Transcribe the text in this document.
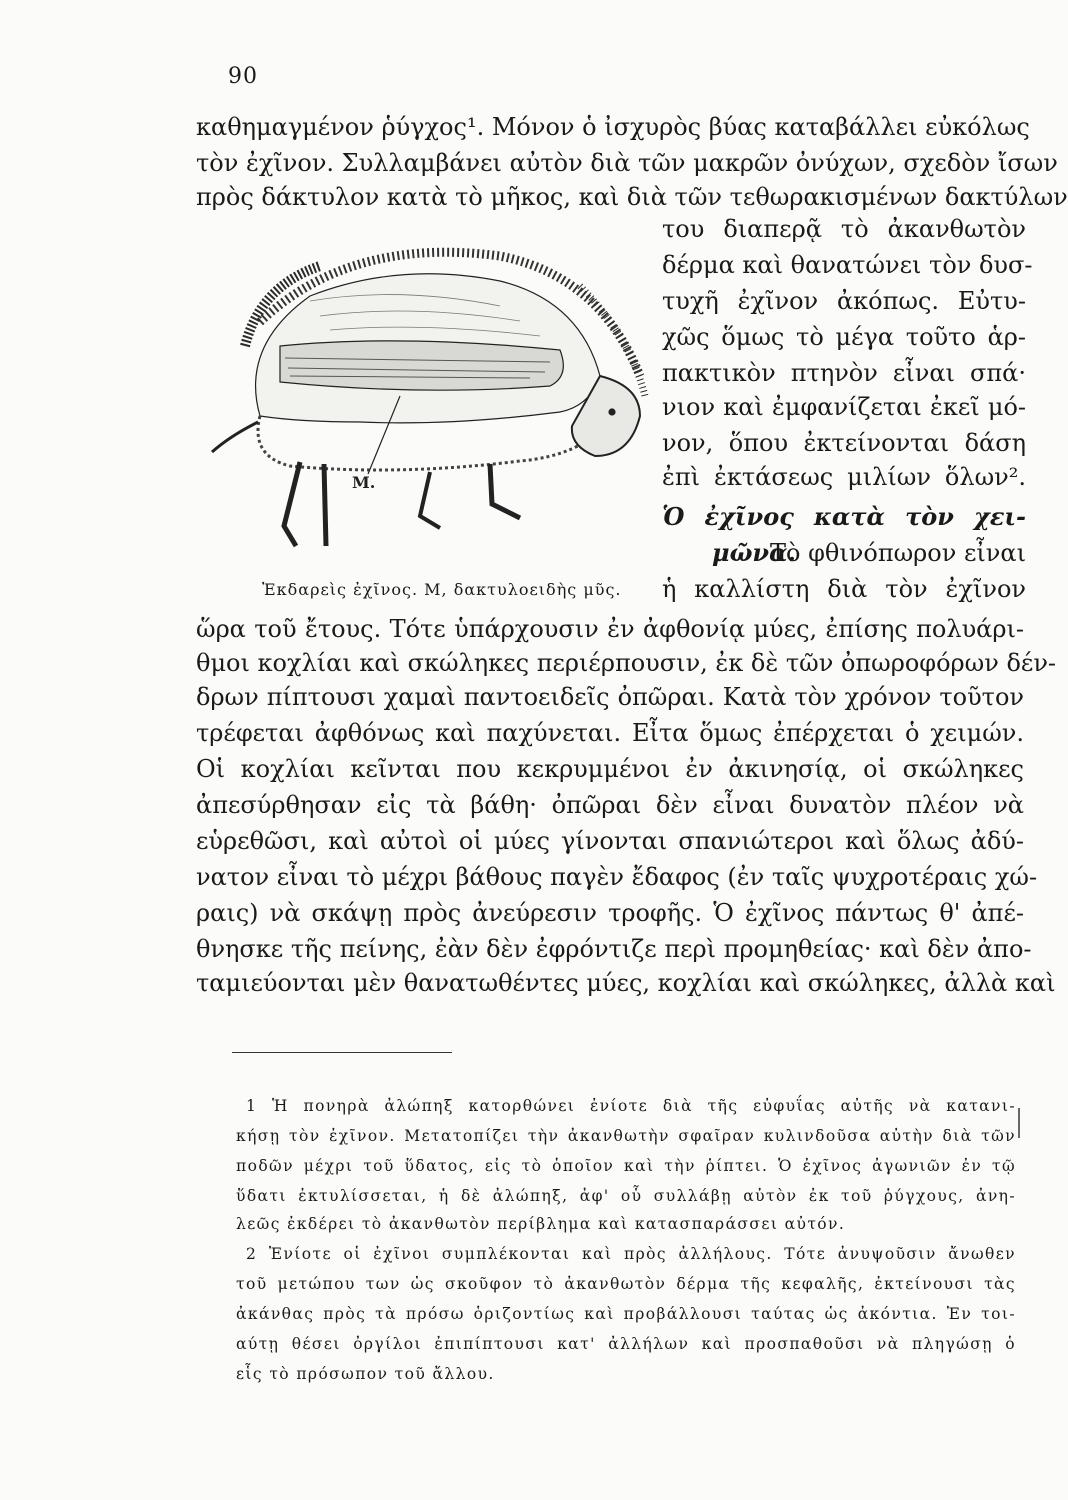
90
καθημαγμένον ῥύγχος¹. Μόνον ὁ ἰσχυρὸς βύας καταβάλλει εὐκόλως
τὸν ἐχῖνον. Συλλαμβάνει αὐτὸν διὰ τῶν μακρῶν ὀνύχων, σχεδὸν ἴσων
πρὸς δάκτυλον κατὰ τὸ μῆκος, καὶ διὰ τῶν τεθωρακισμένων δακτύλων
του διαπερᾷ τὸ ἀκανθωτὸν
δέρμα καὶ θανατώνει τὸν δυσ-
τυχῆ ἐχῖνον ἀκόπως. Εὐτυ-
χῶς ὅμως τὸ μέγα τοῦτο ἁρ-
πακτικὸν πτηνὸν εἶναι σπά·
νιον καὶ ἐμφανίζεται ἐκεῖ μό-
νον, ὅπου ἐκτείνονται δάση
ἐπὶ ἐκτάσεως μιλίων ὅλων².
Ὁ ἐχῖνος κατὰ τὸν χει-
μῶνα.
Τὸ φθινόπωρον εἶναι
ἡ καλλίστη διὰ τὸν ἐχῖνον
M.
Ἐκδαρεὶς ἐχῖνος. Μ, δακτυλοειδὴς μῦς.
ὥρα τοῦ ἔτους. Τότε ὑπάρχουσιν ἐν ἀφθονίᾳ μύες, ἐπίσης πολυάρι-
θμοι κοχλίαι καὶ σκώληκες περιέρπουσιν, ἐκ δὲ τῶν ὀπωροφόρων δέν-
δρων πίπτουσι χαμαὶ παντοειδεῖς ὀπῶραι. Κατὰ τὸν χρόνον τοῦτον
τρέφεται ἀφθόνως καὶ παχύνεται. Εἶτα ὅμως ἐπέρχεται ὁ χειμών.
Οἱ κοχλίαι κεῖνται που κεκρυμμένοι ἐν ἀκινησίᾳ, οἱ σκώληκες
ἀπεσύρθησαν εἰς τὰ βάθη· ὀπῶραι δὲν εἶναι δυνατὸν πλέον νὰ
εὑρεθῶσι, καὶ αὐτοὶ οἱ μύες γίνονται σπανιώτεροι καὶ ὅλως ἀδύ-
νατον εἶναι τὸ μέχρι βάθους παγὲν ἔδαφος (ἐν ταῖς ψυχροτέραις χώ-
ραις) νὰ σκάψῃ πρὸς ἀνεύρεσιν τροφῆς. Ὁ ἐχῖνος πάντως θ' ἀπέ-
θνησκε τῆς πείνης, ἐὰν δὲν ἐφρόντιζε περὶ προμηθείας· καὶ δὲν ἀπο-
ταμιεύονται μὲν θανατωθέντες μύες, κοχλίαι καὶ σκώληκες, ἀλλὰ καὶ
1 Ἡ πονηρὰ ἀλώπηξ κατορθώνει ἐνίοτε διὰ τῆς εὐφυΐας αὐτῆς νὰ κατανι-
κήσῃ τὸν ἐχῖνον. Μετατοπίζει τὴν ἀκανθωτὴν σφαῖραν κυλινδοῦσα αὐτὴν διὰ τῶν
ποδῶν μέχρι τοῦ ὕδατος, εἰς τὸ ὁποῖον καὶ τὴν ῥίπτει. Ὁ ἐχῖνος ἀγωνιῶν ἐν τῷ
ὕδατι ἐκτυλίσσεται, ἡ δὲ ἀλώπηξ, ἀφ' οὗ συλλάβῃ αὐτὸν ἐκ τοῦ ῥύγχους, ἀνη-
λεῶς ἐκδέρει τὸ ἀκανθωτὸν περίβλημα καὶ κατασπαράσσει αὐτόν.
2 Ἐνίοτε οἱ ἐχῖνοι συμπλέκονται καὶ πρὸς ἀλλήλους. Τότε ἀνυψοῦσιν ἄνωθεν
τοῦ μετώπου των ὡς σκοῦφον τὸ ἀκανθωτὸν δέρμα τῆς κεφαλῆς, ἐκτείνουσι τὰς
ἀκάνθας πρὸς τὰ πρόσω ὁριζοντίως καὶ προβάλλουσι ταύτας ὡς ἀκόντια. Ἐν τοι-
αύτῃ θέσει ὀργίλοι ἐπιπίπτουσι κατ' ἀλλήλων καὶ προσπαθοῦσι νὰ πληγώσῃ ὁ
εἷς τὸ πρόσωπον τοῦ ἄλλου.
